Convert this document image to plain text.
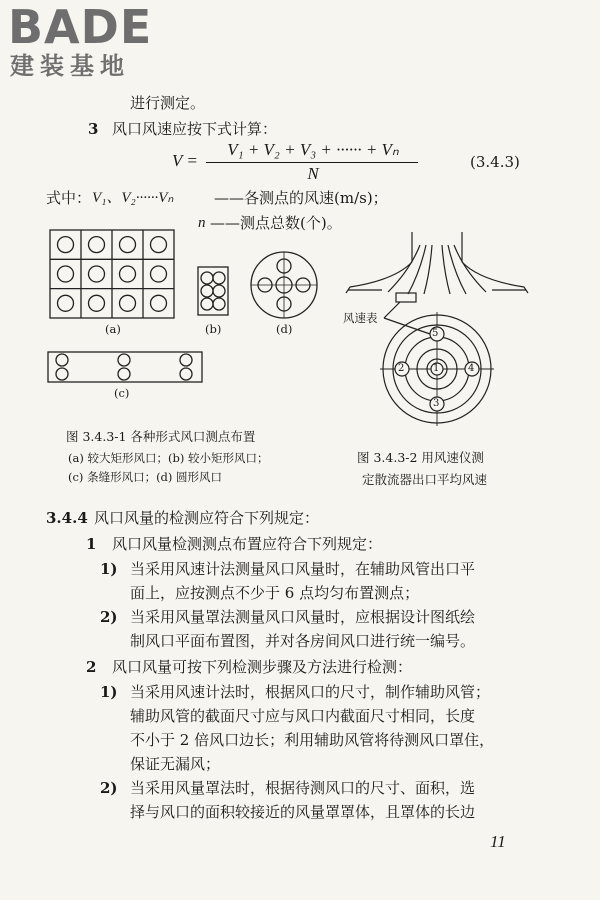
BADE
建装基地
进行测定。
3 风口风速应按下式计算：
V =
V₁ + V₂ + V₃ + ······ + Vₙ
N
(3.4.3)
式中： V₁、V₂······Vₙ	——各测点的风速(m/s)；
n ——测点总数(个)。
(a)	(b)	(d)
(c)
风速表
5
1
2	4
3
图 3.4.3-1 各种形式风口测点布置
(a) 较大矩形风口；(b) 较小矩形风口；
(c) 条缝形风口；(d) 圆形风口
图 3.4.3-2 用风速仪测
定散流器出口平均风速
3.4.4 风口风量的检测应符合下列规定：
1 风口风量检测测点布置应符合下列规定：
1) 当采用风速计法测量风口风量时，在辅助风管出口平
面上，应按测点不少于 6 点均匀布置测点；
2) 当采用风量罩法测量风口风量时，应根据设计图纸绘
制风口平面布置图，并对各房间风口进行统一编号。
2 风口风量可按下列检测步骤及方法进行检测：
1) 当采用风速计法时，根据风口的尺寸，制作辅助风管；
辅助风管的截面尺寸应与风口内截面尺寸相同，长度
不小于 2 倍风口边长；利用辅助风管将待测风口罩住，
保证无漏风；
2) 当采用风量罩法时，根据待测风口的尺寸、面积，选
择与风口的面积较接近的风量罩罩体，且罩体的长边
11
